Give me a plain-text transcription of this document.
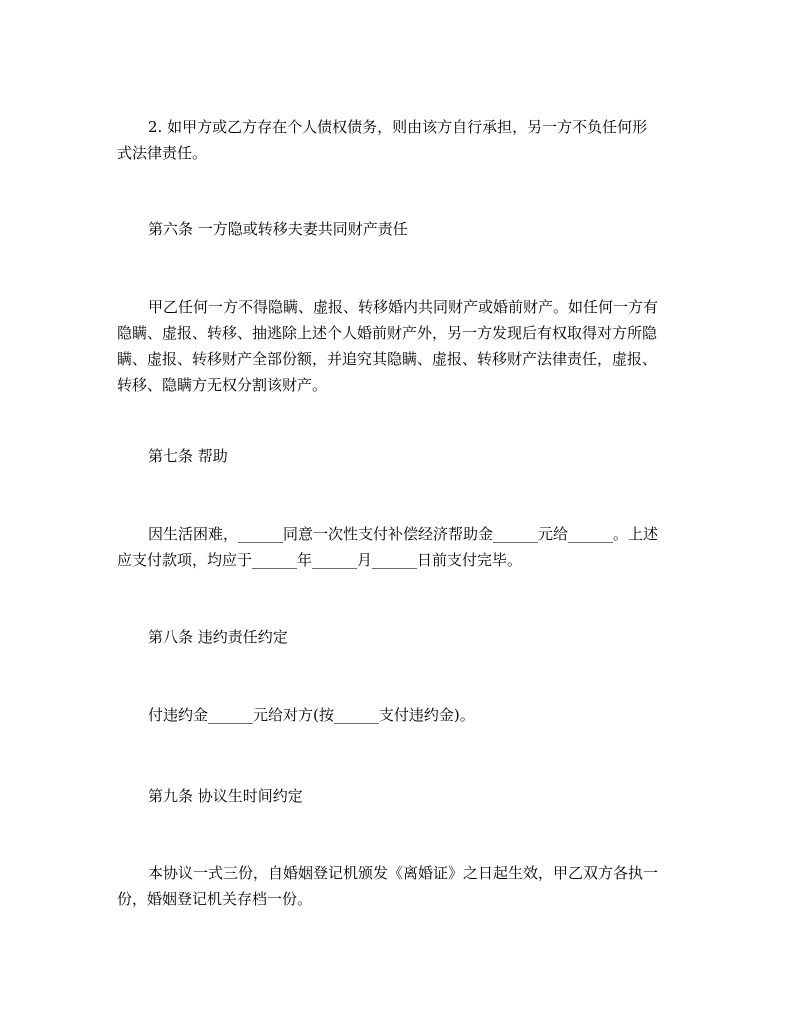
2. 如甲方或乙方存在个人债权债务，则由该方自行承担，另一方不负任何形
式法律责任。

第六条 一方隐或转移夫妻共同财产责任

甲乙任何一方不得隐瞒、虚报、转移婚内共同财产或婚前财产。如任何一方有
隐瞒、虚报、转移、抽逃除上述个人婚前财产外，另一方发现后有权取得对方所隐
瞒、虚报、转移财产全部份额，并追究其隐瞒、虚报、转移财产法律责任，虚报、
转移、隐瞒方无权分割该财产。

第七条 帮助

因生活困难，______同意一次性支付补偿经济帮助金______元给______。上述
应支付款项，均应于______年______月______日前支付完毕。

第八条 违约责任约定

付违约金______元给对方(按______支付违约金)。

第九条 协议生时间约定

本协议一式三份，自婚姻登记机颁发《离婚证》之日起生效，甲乙双方各执一
份，婚姻登记机关存档一份。
